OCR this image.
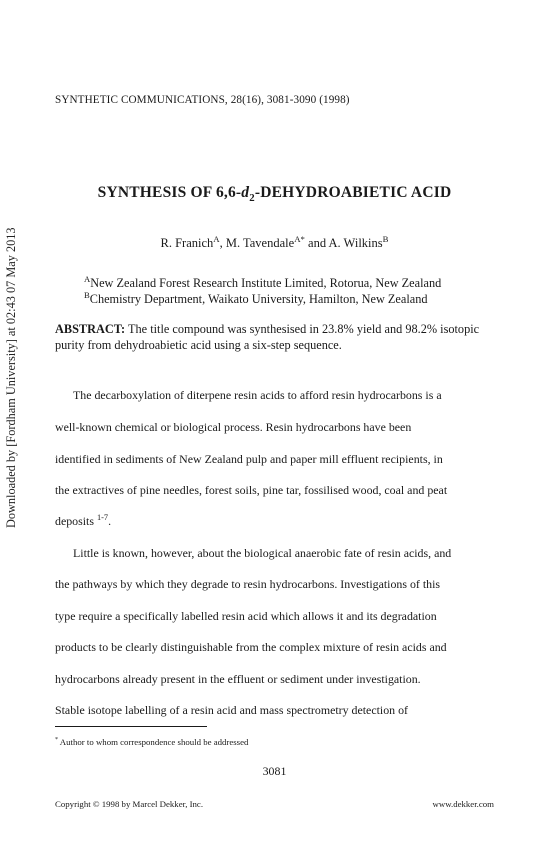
SYNTHETIC COMMUNICATIONS, 28(16), 3081-3090 (1998)
SYNTHESIS OF $6,6-d_2$-DEHYDROABIETIC ACID
R. Franich$^A$, M. Tavendale$^{A*}$ and A. Wilkins$^B$
$^A$New Zealand Forest Research Institute Limited, Rotorua, New Zealand
$^B$Chemistry Department, Waikato University, Hamilton, New Zealand
ABSTRACT: The title compound was synthesised in 23.8% yield and 98.2% isotopic purity from dehydroabietic acid using a six-step sequence.
The decarboxylation of diterpene resin acids to afford resin hydrocarbons is a
well-known chemical or biological process. Resin hydrocarbons have been
identified in sediments of New Zealand pulp and paper mill effluent recipients, in
the extractives of pine needles, forest soils, pine tar, fossilised wood, coal and peat
deposits $^{1-7}$.
Little is known, however, about the biological anaerobic fate of resin acids, and
the pathways by which they degrade to resin hydrocarbons. Investigations of this
type require a specifically labelled resin acid which allows it and its degradation
products to be clearly distinguishable from the complex mixture of resin acids and
hydrocarbons already present in the effluent or sediment under investigation.
Stable isotope labelling of a resin acid and mass spectrometry detection of
* Author to whom correspondence should be addressed
3081
Copyright © 1998 by Marcel Dekker, Inc.	www.dekker.com
Downloaded by [Fordham University] at 02:43 07 May 2013
